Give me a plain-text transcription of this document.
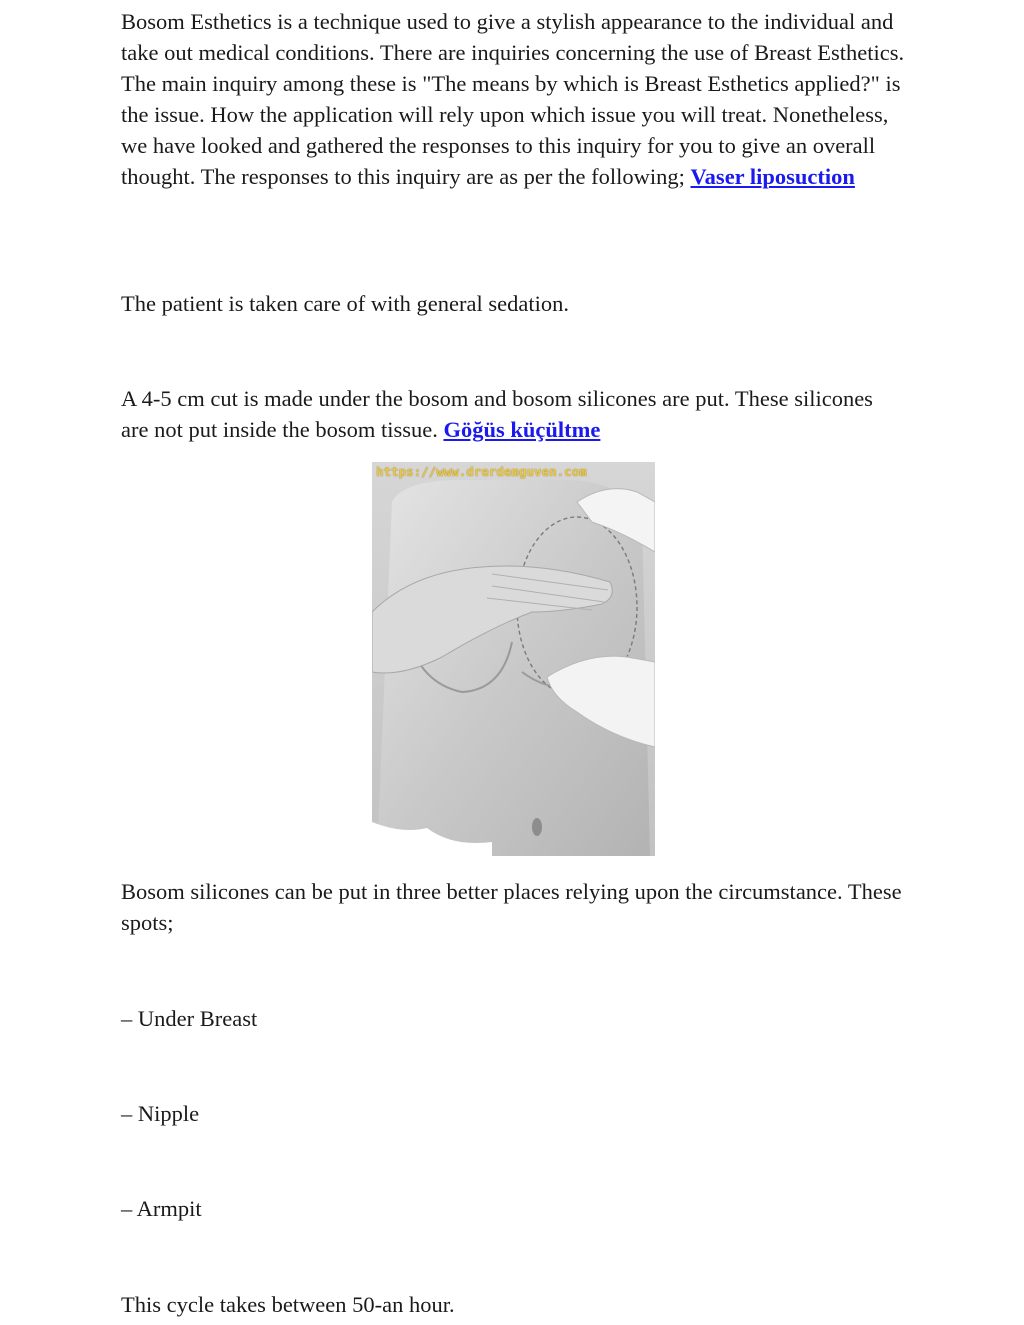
Bosom Esthetics is a technique used to give a stylish appearance to the individual and take out medical conditions. There are inquiries concerning the use of Breast Esthetics. The main inquiry among these is "The means by which is Breast Esthetics applied?" is the issue. How the application will rely upon which issue you will treat. Nonetheless, we have looked and gathered the responses to this inquiry for you to give an overall thought. The responses to this inquiry are as per the following; Vaser liposuction

The patient is taken care of with general sedation.

A 4-5 cm cut is made under the bosom and bosom silicones are put. These silicones are not put inside the bosom tissue. Göğüs küçültme

https://www.drerdemguven.com

Bosom silicones can be put in three better places relying upon the circumstance. These spots;

– Under Breast

– Nipple

– Armpit

This cycle takes between 50-an hour.
